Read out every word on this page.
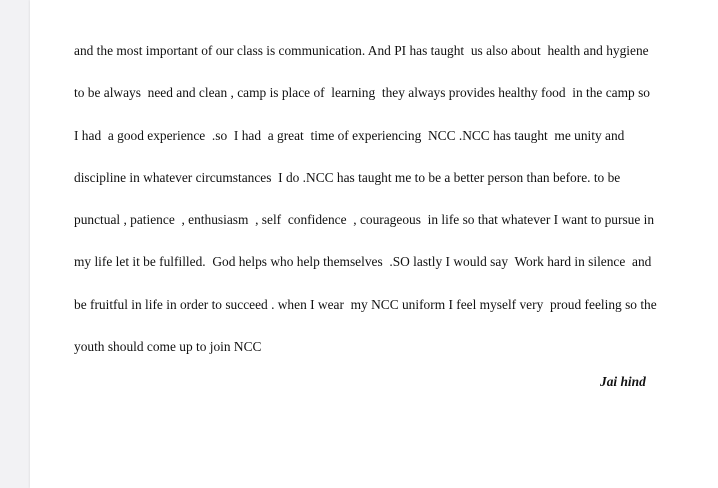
and the most important of our class is communication. And PI has taught  us also about  health and hygiene
to be always  need and clean , camp is place of  learning  they always provides healthy food  in the camp so
I had  a good experience  .so  I had  a great  time of experiencing  NCC .NCC has taught  me unity and
discipline in whatever circumstances  I do .NCC has taught me to be a better person than before. to be
punctual , patience  , enthusiasm  , self  confidence  , courageous  in life so that whatever I want to pursue in
my life let it be fulfilled.  God helps who help themselves  .SO lastly I would say  Work hard in silence  and
be fruitful in life in order to succeed . when I wear  my NCC uniform I feel myself very  proud feeling so the
youth should come up to join NCC
Jai hind
